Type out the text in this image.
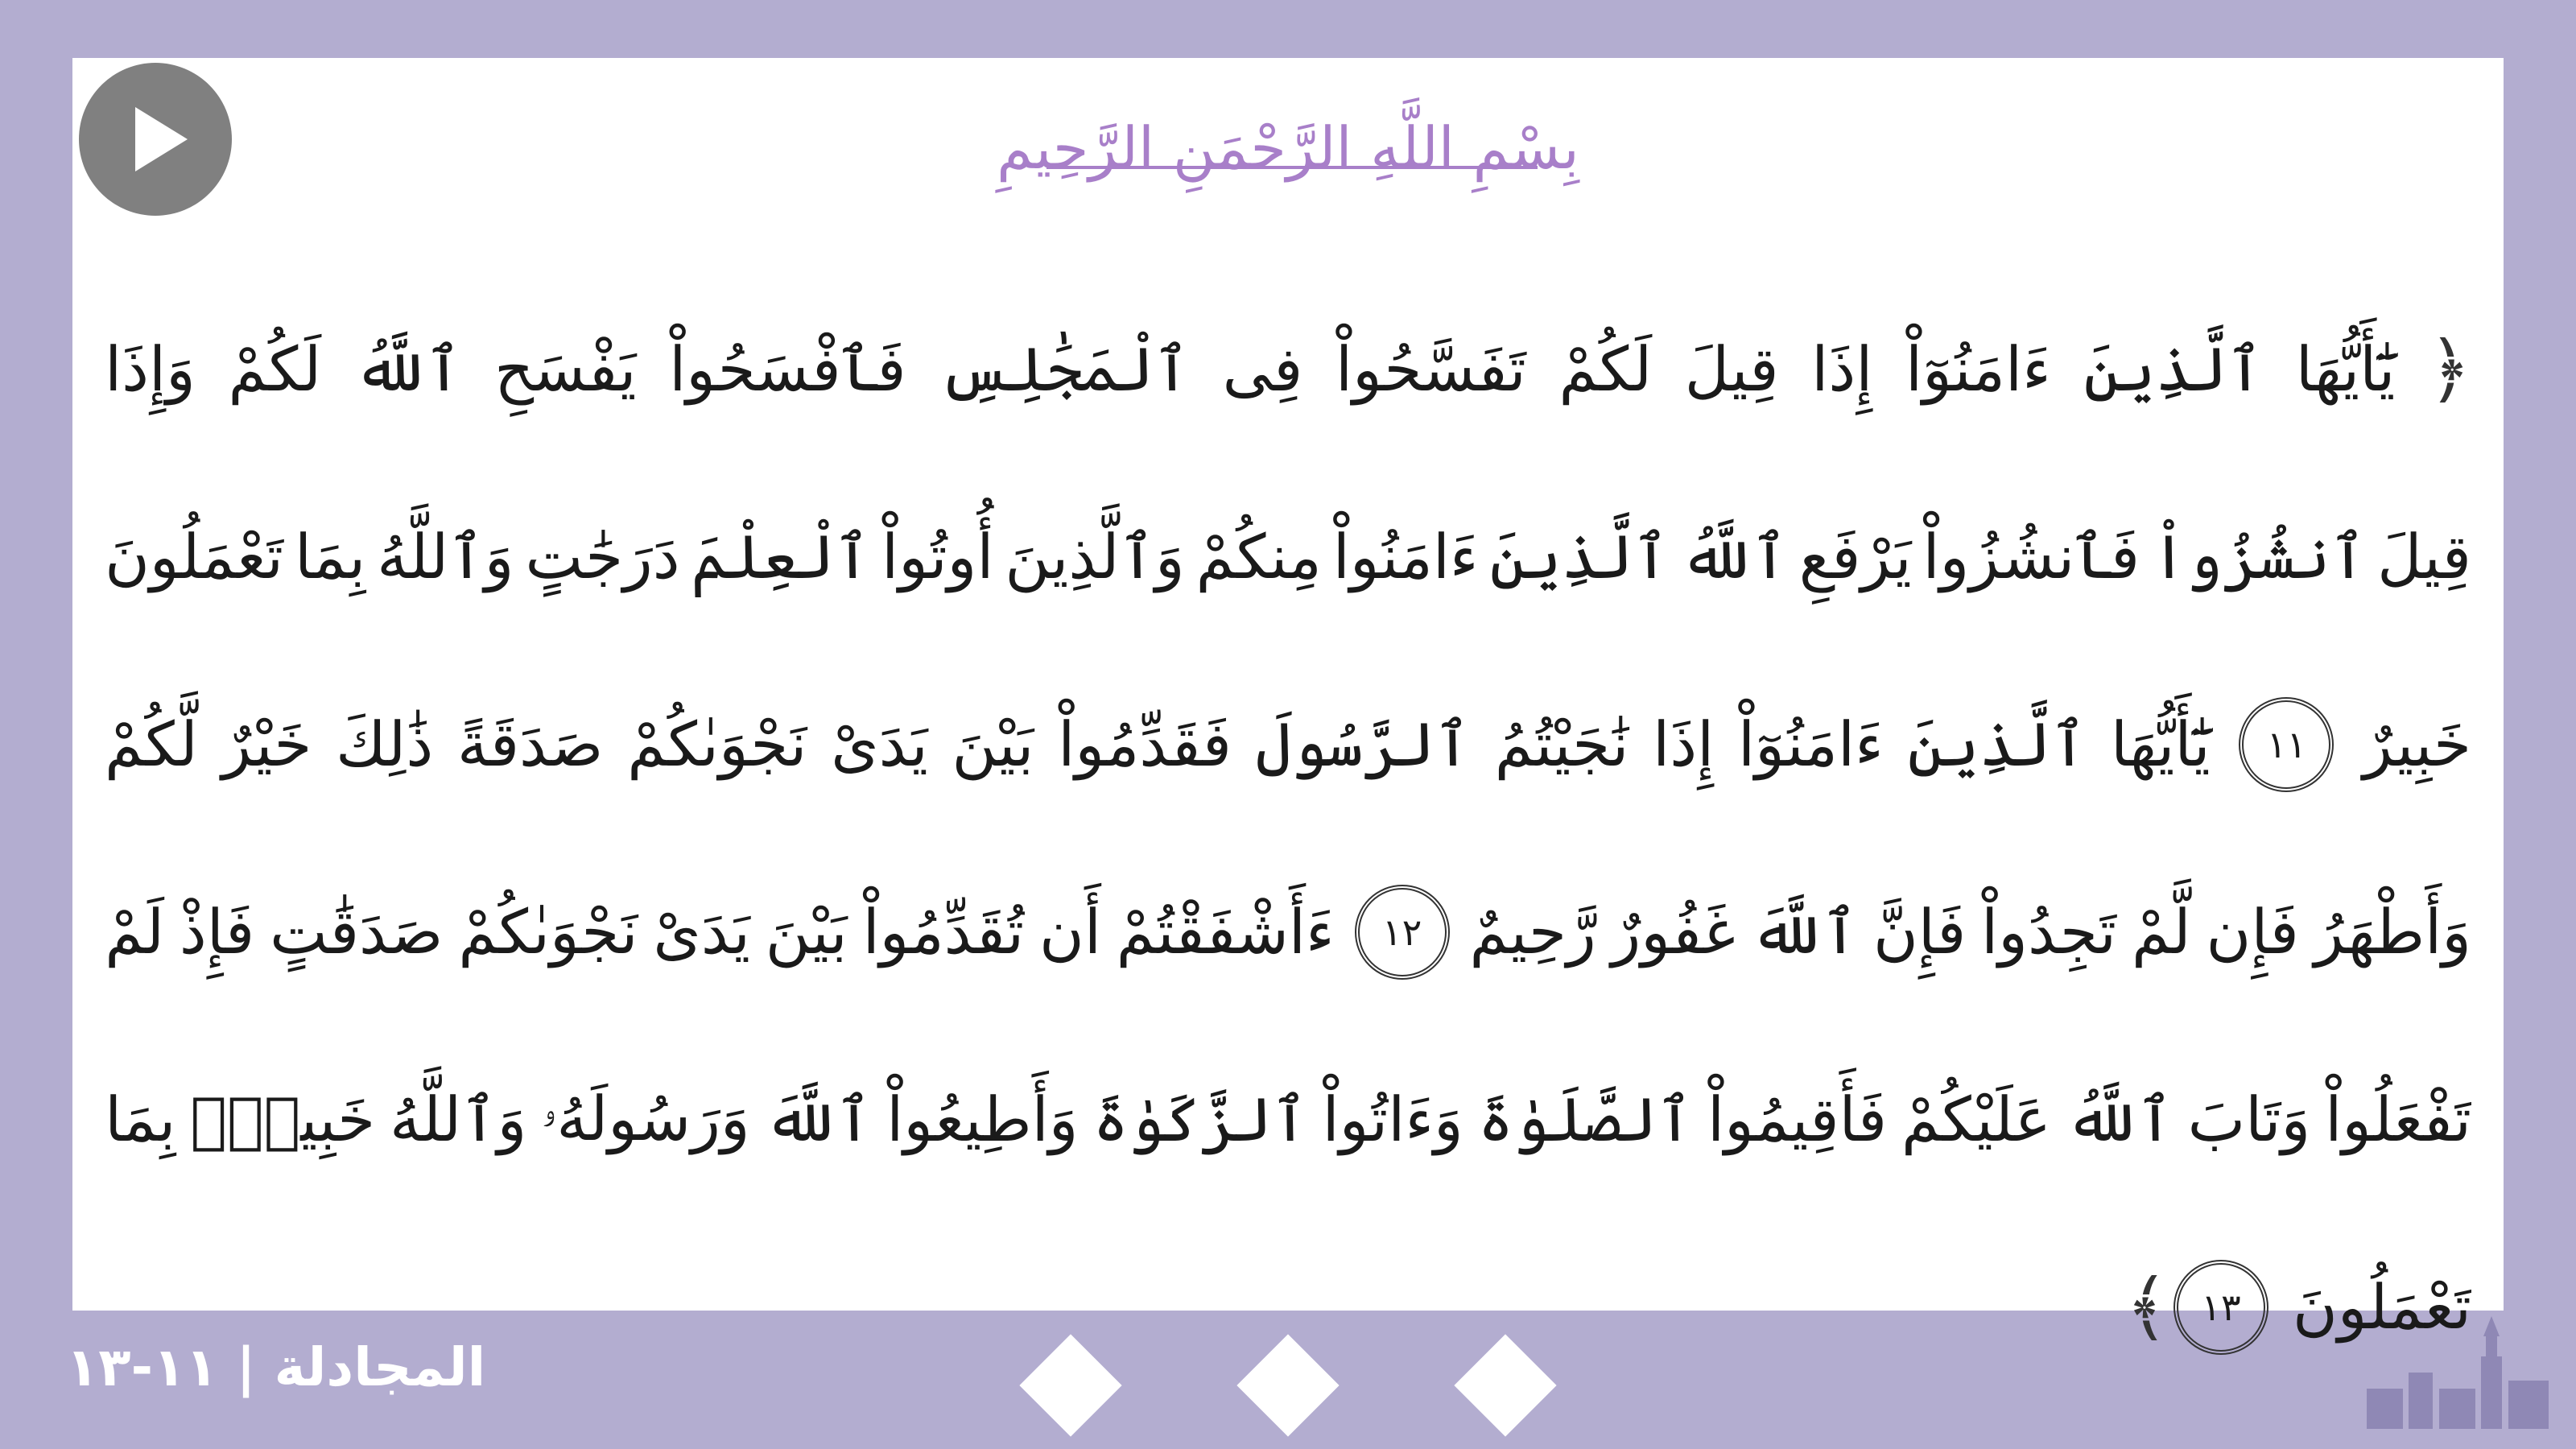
بِسْمِ اللَّهِ الرَّحْمَنِ الرَّحِيمِ
﴿
يَٰٓأَيُّهَا
ٱلَّذِينَ
ءَامَنُوٓاْ
إِذَا
قِيلَ
لَكُمْ
تَفَسَّحُواْ
فِى
ٱلْمَجَٰلِسِ
فَٱفْسَحُواْ
يَفْسَحِ
ٱللَّهُ
لَكُمْ
وَإِذَا
قِيلَ
ٱنشُزُواْ
فَٱنشُزُواْ
يَرْفَعِ
ٱللَّهُ
ٱلَّذِينَ
ءَامَنُواْ
مِنكُمْ
وَٱلَّذِينَ
أُوتُواْ
ٱلْعِلْمَ
دَرَجَٰتٍ
وَٱللَّهُ
بِمَا
تَعْمَلُونَ
خَبِيرٌ
١١
يَٰٓأَيُّهَا
ٱلَّذِينَ
ءَامَنُوٓاْ
إِذَا
نَٰجَيْتُمُ
ٱلرَّسُولَ
فَقَدِّمُواْ
بَيْنَ
يَدَىْ
نَجْوَىٰكُمْ
صَدَقَةً
ذَٰلِكَ
خَيْرٌ
لَّكُمْ
وَأَطْهَرُ
فَإِن
لَّمْ
تَجِدُواْ
فَإِنَّ
ٱللَّهَ
غَفُورٌ
رَّحِيمٌ
١٢
ءَأَشْفَقْتُمْ
أَن
تُقَدِّمُواْ
بَيْنَ
يَدَىْ
نَجْوَىٰكُمْ
صَدَقَٰتٍ
فَإِذْ
لَمْ
تَفْعَلُواْ
وَتَابَ
ٱللَّهُ
عَلَيْكُمْ
فَأَقِيمُواْ
ٱلصَّلَوٰةَ
وَءَاتُواْ
ٱلزَّكَوٰةَ
وَأَطِيعُواْ
ٱللَّهَ
وَرَسُولَهُۥ
وَٱللَّهُ
خَبِيرٌۢ
بِمَا
تَعْمَلُونَ
١٣
﴾
المجادلة | ١١-١٣
